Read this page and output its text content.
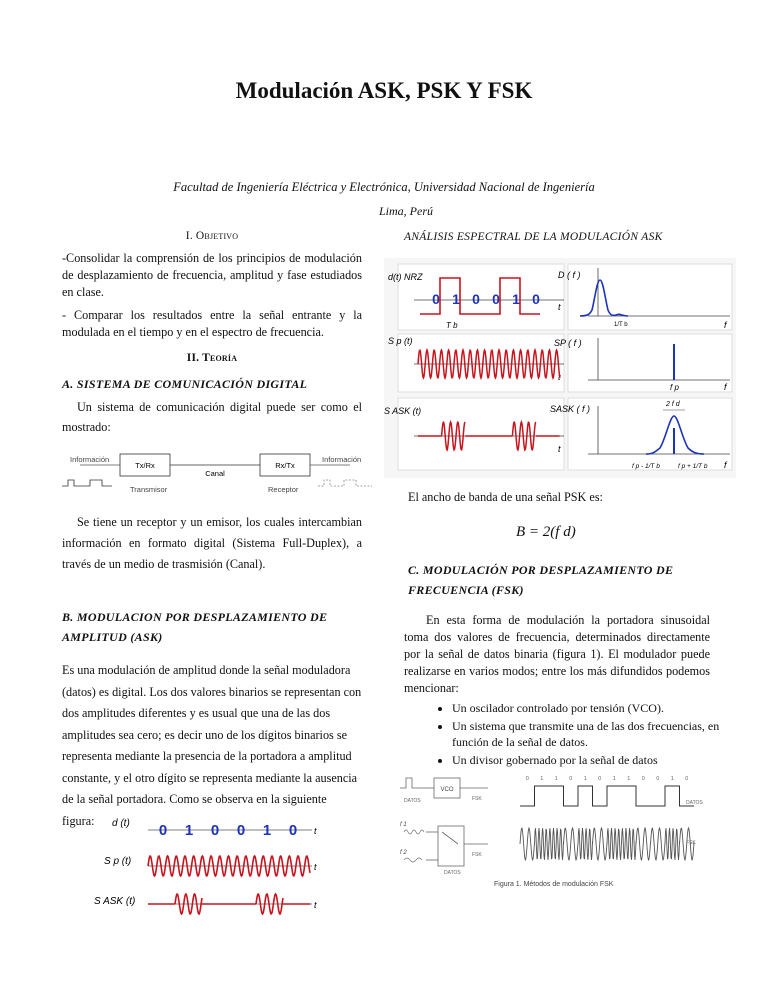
Modulación ASK, PSK Y FSK
Facultad de Ingeniería Eléctrica y Electrónica, Universidad Nacional de Ingeniería
Lima, Perú
I. Objetivo
-Consolidar la comprensión de los principios de modulación de desplazamiento de frecuencia, amplitud y fase estudiados en clase.
- Comparar los resultados entre la señal entrante y la modulada en el tiempo y en el espectro de frecuencia.
II. Teoría
A. SISTEMA DE COMUNICACIÓN DIGITAL
Un sistema de comunicación digital puede ser como el mostrado:
Información
Tx/Rx
Canal
Rx/Tx
Información
Transmisor	Receptor
Se tiene un receptor y un emisor, los cuales intercambian información en formato digital (Sistema Full-Duplex), a través de un medio de trasmisión (Canal).
B. MODULACION POR DESPLAZAMIENTO DE AMPLITUD (ASK)
Es una modulación de amplitud donde la señal moduladora (datos) es digital. Los dos valores binarios se representan con dos amplitudes diferentes y es usual que una de las dos amplitudes sea cero; es decir uno de los dígitos binarios se representa mediante la presencia de la portadora a amplitud constante, y el otro dígito se representa mediante la ausencia de la señal portadora. Como se observa en la siguiente figura:	d (t)
t
0 1 0 0 1 0
S p (t)	t
S ASK (t)	t
ANÁLISIS ESPECTRAL DE LA MODULACIÓN ASK
d(t) NRZ
t
0 1 0 0 1 0
T b
S p (t)
t
S ASK (t)
t
D ( f )
f
1/T b
SP ( f )
f p	f
SASK ( f )	2 f d
f p - 1/T b	f p + 1/T b f
El ancho de banda de una señal PSK es:
B = 2(f d)
C. MODULACIÓN POR DESPLAZAMIENTO DE FRECUENCIA (FSK)
En esta forma de modulación la portadora sinusoidal toma dos valores de frecuencia, determinados directamente por la señal de datos binaria (figura 1). El modulador puede realizarse en varios modos; entre los más difundidos podemos mencionar:
• Un oscilador controlado por tensión (VCO).
• Un sistema que transmite una de las dos frecuencias, en función de la señal de datos.
• Un divisor gobernado por la señal de datos
VCO
DATOS	FSK
f 1
f 2	FSK
DATOS
DATOS
0 1 1 0 1 0 1 1 0 0 1 0
FSK
Figura 1. Métodos de modulación FSK
